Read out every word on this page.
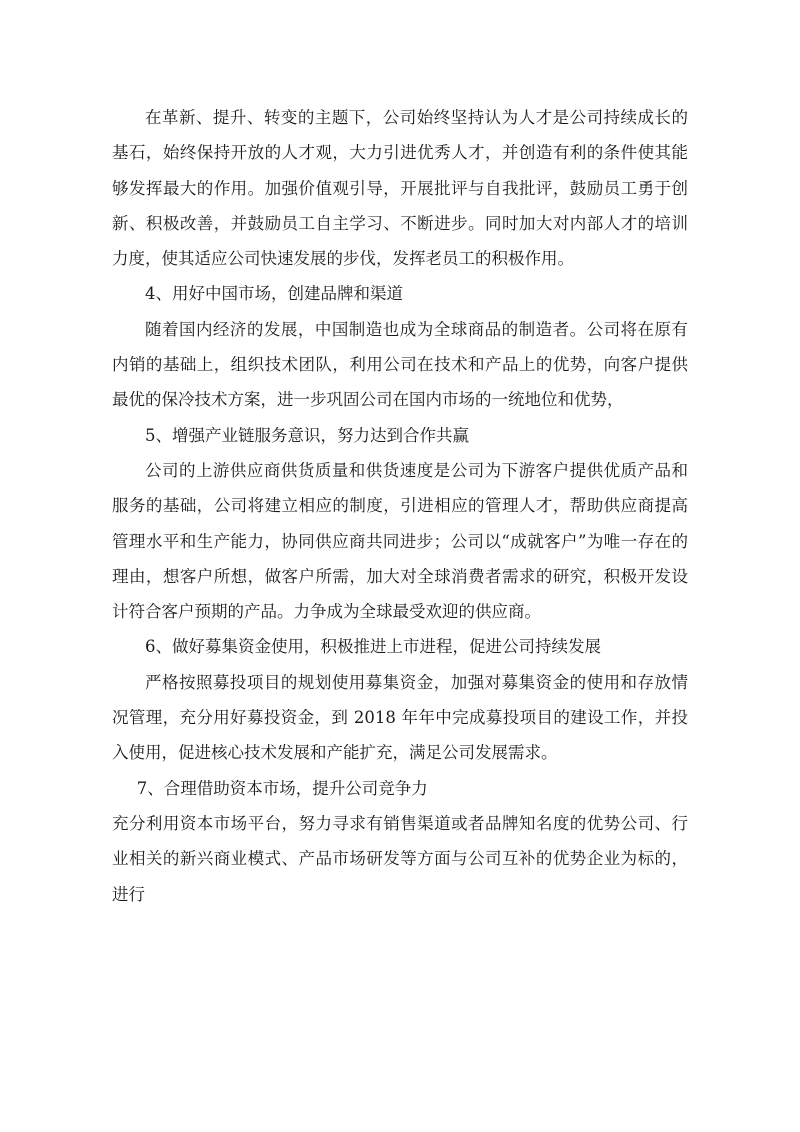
在革新、提升、转变的主题下，公司始终坚持认为人才是公司持续成长的基石，始终保持开放的人才观，大力引进优秀人才，并创造有利的条件使其能够发挥最大的作用。加强价值观引导，开展批评与自我批评，鼓励员工勇于创新、积极改善，并鼓励员工自主学习、不断进步。同时加大对内部人才的培训力度，使其适应公司快速发展的步伐，发挥老员工的积极作用。

4、用好中国市场，创建品牌和渠道

随着国内经济的发展，中国制造也成为全球商品的制造者。公司将在原有内销的基础上，组织技术团队，利用公司在技术和产品上的优势，向客户提供最优的保冷技术方案，进一步巩固公司在国内市场的一统地位和优势，

5、增强产业链服务意识，努力达到合作共赢

公司的上游供应商供货质量和供货速度是公司为下游客户提供优质产品和服务的基础，公司将建立相应的制度，引进相应的管理人才，帮助供应商提高管理水平和生产能力，协同供应商共同进步；公司以“成就客户”为唯一存在的理由，想客户所想，做客户所需，加大对全球消费者需求的研究，积极开发设计符合客户预期的产品。力争成为全球最受欢迎的供应商。

6、做好募集资金使用，积极推进上市进程，促进公司持续发展

严格按照募投项目的规划使用募集资金，加强对募集资金的使用和存放情况管理，充分用好募投资金，到 2018 年年中完成募投项目的建设工作，并投入使用，促进核心技术发展和产能扩充，满足公司发展需求。

7、合理借助资本市场，提升公司竞争力

充分利用资本市场平台，努力寻求有销售渠道或者品牌知名度的优势公司、行业相关的新兴商业模式、产品市场研发等方面与公司互补的优势企业为标的，进行
